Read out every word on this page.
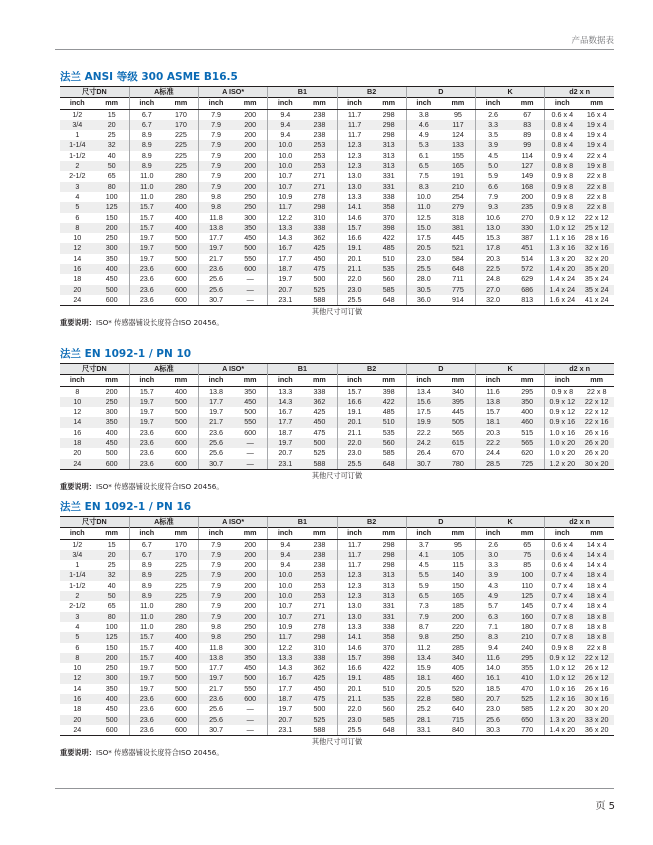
产品数据表
法兰 ANSI 等级 300 ASME B16.5
尺寸DN		A标准		A ISO*		B1		B2		D		K		d2 x n	
inch	mm	inch	mm	inch	mm	inch	mm	inch	mm	inch	mm	inch	mm	inch	mm
1/2	15	6.7	170	7.9	200	9.4	238	11.7	298	3.8	95	2.6	67	0.6 x 4	16 x 4
3/4	20	6.7	170	7.9	200	9.4	238	11.7	298	4.6	117	3.3	83	0.8 x 4	19 x 4
1	25	8.9	225	7.9	200	9.4	238	11.7	298	4.9	124	3.5	89	0.8 x 4	19 x 4
1-1/4	32	8.9	225	7.9	200	10.0	253	12.3	313	5.3	133	3.9	99	0.8 x 4	19 x 4
1-1/2	40	8.9	225	7.9	200	10.0	253	12.3	313	6.1	155	4.5	114	0.9 x 4	22 x 4
2	50	8.9	225	7.9	200	10.0	253	12.3	313	6.5	165	5.0	127	0.8 x 8	19 x 8
2-1/2	65	11.0	280	7.9	200	10.7	271	13.0	331	7.5	191	5.9	149	0.9 x 8	22 x 8
3	80	11.0	280	7.9	200	10.7	271	13.0	331	8.3	210	6.6	168	0.9 x 8	22 x 8
4	100	11.0	280	9.8	250	10.9	278	13.3	338	10.0	254	7.9	200	0.9 x 8	22 x 8
5	125	15.7	400	9.8	250	11.7	298	14.1	358	11.0	279	9.3	235	0.9 x 8	22 x 8
6	150	15.7	400	11.8	300	12.2	310	14.6	370	12.5	318	10.6	270	0.9 x 12	22 x 12
8	200	15.7	400	13.8	350	13.3	338	15.7	398	15.0	381	13.0	330	1.0 x 12	25 x 12
10	250	19.7	500	17.7	450	14.3	362	16.6	422	17.5	445	15.3	387	1.1 x 16	28 x 16
12	300	19.7	500	19.7	500	16.7	425	19.1	485	20.5	521	17.8	451	1.3 x 16	32 x 16
14	350	19.7	500	21.7	550	17.7	450	20.1	510	23.0	584	20.3	514	1.3 x 20	32 x 20
16	400	23.6	600	23.6	600	18.7	475	21.1	535	25.5	648	22.5	572	1.4 x 20	35 x 20
18	450	23.6	600	25.6	—	19.7	500	22.0	560	28.0	711	24.8	629	1.4 x 24	35 x 24
20	500	23.6	600	25.6	—	20.7	525	23.0	585	30.5	775	27.0	686	1.4 x 24	35 x 24
24	600	23.6	600	30.7	—	23.1	588	25.5	648	36.0	914	32.0	813	1.6 x 24	41 x 24
其他尺寸可订做
重要说明：ISO* 传感器铺设长度符合ISO 20456。
法兰 EN 1092-1 / PN 10
尺寸DN		A标准		A ISO*		B1		B2		D		K		d2 x n	
inch	mm	inch	mm	inch	mm	inch	mm	inch	mm	inch	mm	inch	mm	inch	mm
8	200	15.7	400	13.8	350	13.3	338	15.7	398	13.4	340	11.6	295	0.9 x 8	22 x 8
10	250	19.7	500	17.7	450	14.3	362	16.6	422	15.6	395	13.8	350	0.9 x 12	22 x 12
12	300	19.7	500	19.7	500	16.7	425	19.1	485	17.5	445	15.7	400	0.9 x 12	22 x 12
14	350	19.7	500	21.7	550	17.7	450	20.1	510	19.9	505	18.1	460	0.9 x 16	22 x 16
16	400	23.6	600	23.6	600	18.7	475	21.1	535	22.2	565	20.3	515	1.0 x 16	26 x 16
18	450	23.6	600	25.6	—	19.7	500	22.0	560	24.2	615	22.2	565	1.0 x 20	26 x 20
20	500	23.6	600	25.6	—	20.7	525	23.0	585	26.4	670	24.4	620	1.0 x 20	26 x 20
24	600	23.6	600	30.7	—	23.1	588	25.5	648	30.7	780	28.5	725	1.2 x 20	30 x 20
其他尺寸可订做
重要说明：ISO* 传感器铺设长度符合ISO 20456。
法兰 EN 1092-1 / PN 16
尺寸DN		A标准		A ISO*		B1		B2		D		K		d2 x n	
inch	mm	inch	mm	inch	mm	inch	mm	inch	mm	inch	mm	inch	mm	inch	mm
1/2	15	6.7	170	7.9	200	9.4	238	11.7	298	3.7	95	2.6	65	0.6 x 4	14 x 4
3/4	20	6.7	170	7.9	200	9.4	238	11.7	298	4.1	105	3.0	75	0.6 x 4	14 x 4
1	25	8.9	225	7.9	200	9.4	238	11.7	298	4.5	115	3.3	85	0.6 x 4	14 x 4
1-1/4	32	8.9	225	7.9	200	10.0	253	12.3	313	5.5	140	3.9	100	0.7 x 4	18 x 4
1-1/2	40	8.9	225	7.9	200	10.0	253	12.3	313	5.9	150	4.3	110	0.7 x 4	18 x 4
2	50	8.9	225	7.9	200	10.0	253	12.3	313	6.5	165	4.9	125	0.7 x 4	18 x 4
2-1/2	65	11.0	280	7.9	200	10.7	271	13.0	331	7.3	185	5.7	145	0.7 x 4	18 x 4
3	80	11.0	280	7.9	200	10.7	271	13.0	331	7.9	200	6.3	160	0.7 x 8	18 x 8
4	100	11.0	280	9.8	250	10.9	278	13.3	338	8.7	220	7.1	180	0.7 x 8	18 x 8
5	125	15.7	400	9.8	250	11.7	298	14.1	358	9.8	250	8.3	210	0.7 x 8	18 x 8
6	150	15.7	400	11.8	300	12.2	310	14.6	370	11.2	285	9.4	240	0.9 x 8	22 x 8
8	200	15.7	400	13.8	350	13.3	338	15.7	398	13.4	340	11.6	295	0.9 x 12	22 x 12
10	250	19.7	500	17.7	450	14.3	362	16.6	422	15.9	405	14.0	355	1.0 x 12	26 x 12
12	300	19.7	500	19.7	500	16.7	425	19.1	485	18.1	460	16.1	410	1.0 x 12	26 x 12
14	350	19.7	500	21.7	550	17.7	450	20.1	510	20.5	520	18.5	470	1.0 x 16	26 x 16
16	400	23.6	600	23.6	600	18.7	475	21.1	535	22.8	580	20.7	525	1.2 x 16	30 x 16
18	450	23.6	600	25.6	—	19.7	500	22.0	560	25.2	640	23.0	585	1.2 x 20	30 x 20
20	500	23.6	600	25.6	—	20.7	525	23.0	585	28.1	715	25.6	650	1.3 x 20	33 x 20
24	600	23.6	600	30.7	—	23.1	588	25.5	648	33.1	840	30.3	770	1.4 x 20	36 x 20
其他尺寸可订做
重要说明：ISO* 传感器铺设长度符合ISO 20456。
页 5
